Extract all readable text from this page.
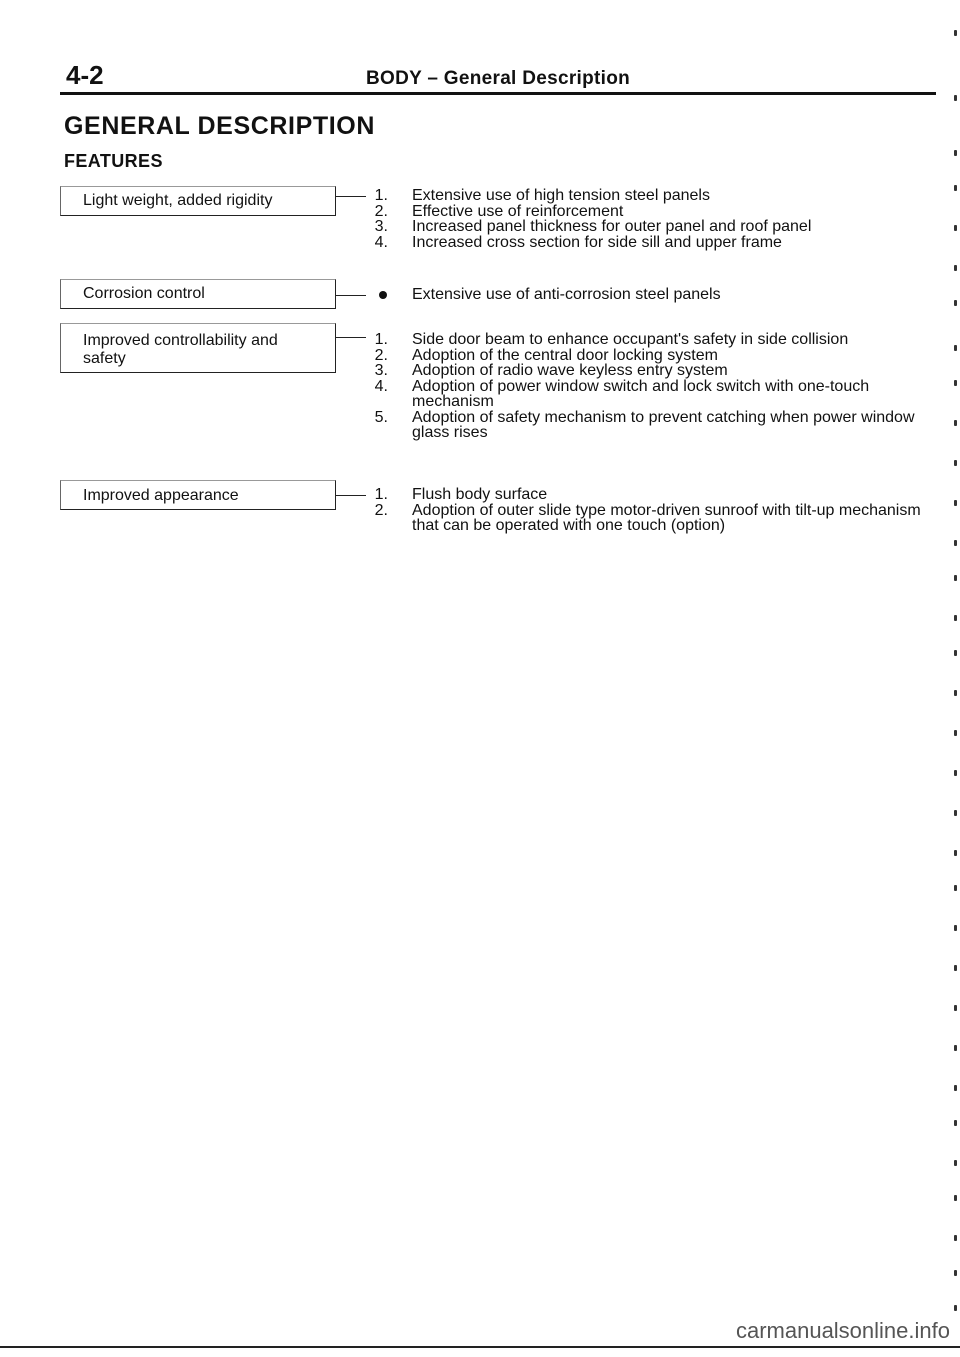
4-2	BODY – General Description
GENERAL DESCRIPTION
FEATURES
Light weight, added rigidity	1. Extensive use of high tension steel panels
2. Effective use of reinforcement
3. Increased panel thickness for outer panel and roof panel
4. Increased cross section for side sill and upper frame
Corrosion control	Extensive use of anti-corrosion steel panels
Improved controllability and safety
1. Side door beam to enhance occupant's safety in side collision
2. Adoption of the central door locking system
3. Adoption of radio wave keyless entry system
4. Adoption of power window switch and lock switch with one-touch mechanism
5. Adoption of safety mechanism to prevent catching when power window glass rises
Improved appearance	1. Flush body surface
2. Adoption of outer slide type motor-driven sunroof with tilt-up mechanism that can be operated with one touch (option)
carmanualsonline.info
